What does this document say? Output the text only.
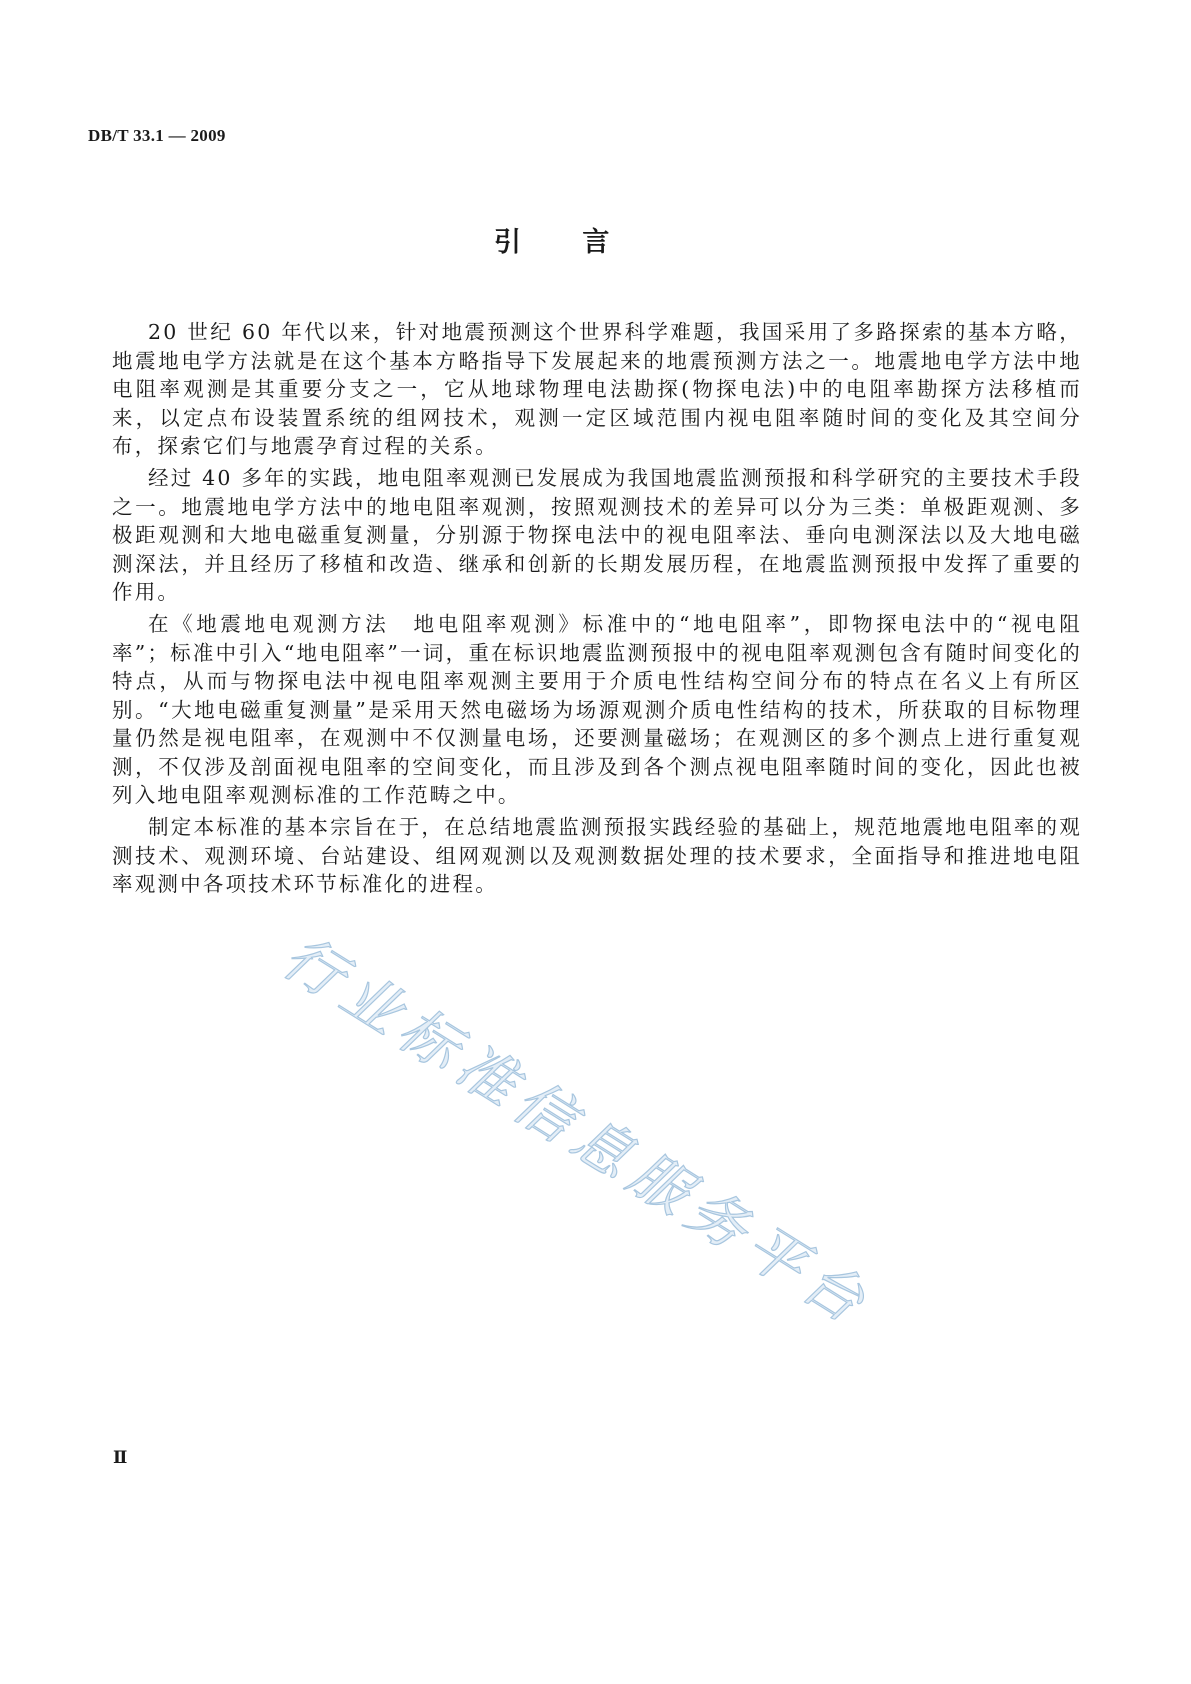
DB/T 33.1 — 2009
引 言

20 世纪 60 年代以来，针对地震预测这个世界科学难题，我国采用了多路探索的基本方略，地震地电学方法就是在这个基本方略指导下发展起来的地震预测方法之一。地震地电学方法中地电阻率观测是其重要分支之一，它从地球物理电法勘探(物探电法)中的电阻率勘探方法移植而来，以定点布设装置系统的组网技术，观测一定区域范围内视电阻率随时间的变化及其空间分布，探索它们与地震孕育过程的关系。

经过 40 多年的实践，地电阻率观测已发展成为我国地震监测预报和科学研究的主要技术手段之一。地震地电学方法中的地电阻率观测，按照观测技术的差异可以分为三类：单极距观测、多极距观测和大地电磁重复测量，分别源于物探电法中的视电阻率法、垂向电测深法以及大地电磁测深法，并且经历了移植和改造、继承和创新的长期发展历程，在地震监测预报中发挥了重要的作用。

在《地震地电观测方法　地电阻率观测》标准中的“地电阻率”，即物探电法中的“视电阻率”；标准中引入“地电阻率”一词，重在标识地震监测预报中的视电阻率观测包含有随时间变化的特点，从而与物探电法中视电阻率观测主要用于介质电性结构空间分布的特点在名义上有所区别。“大地电磁重复测量”是采用天然电磁场为场源观测介质电性结构的技术，所获取的目标物理量仍然是视电阻率，在观测中不仅测量电场，还要测量磁场；在观测区的多个测点上进行重复观测，不仅涉及剖面视电阻率的空间变化，而且涉及到各个测点视电阻率随时间的变化，因此也被列入地电阻率观测标准的工作范畴之中。

制定本标准的基本宗旨在于，在总结地震监测预报实践经验的基础上，规范地震地电阻率的观测技术、观测环境、台站建设、组网观测以及观测数据处理的技术要求，全面指导和推进地电阻率观测中各项技术环节标准化的进程。

行业标准信息服务平台
Ⅱ
